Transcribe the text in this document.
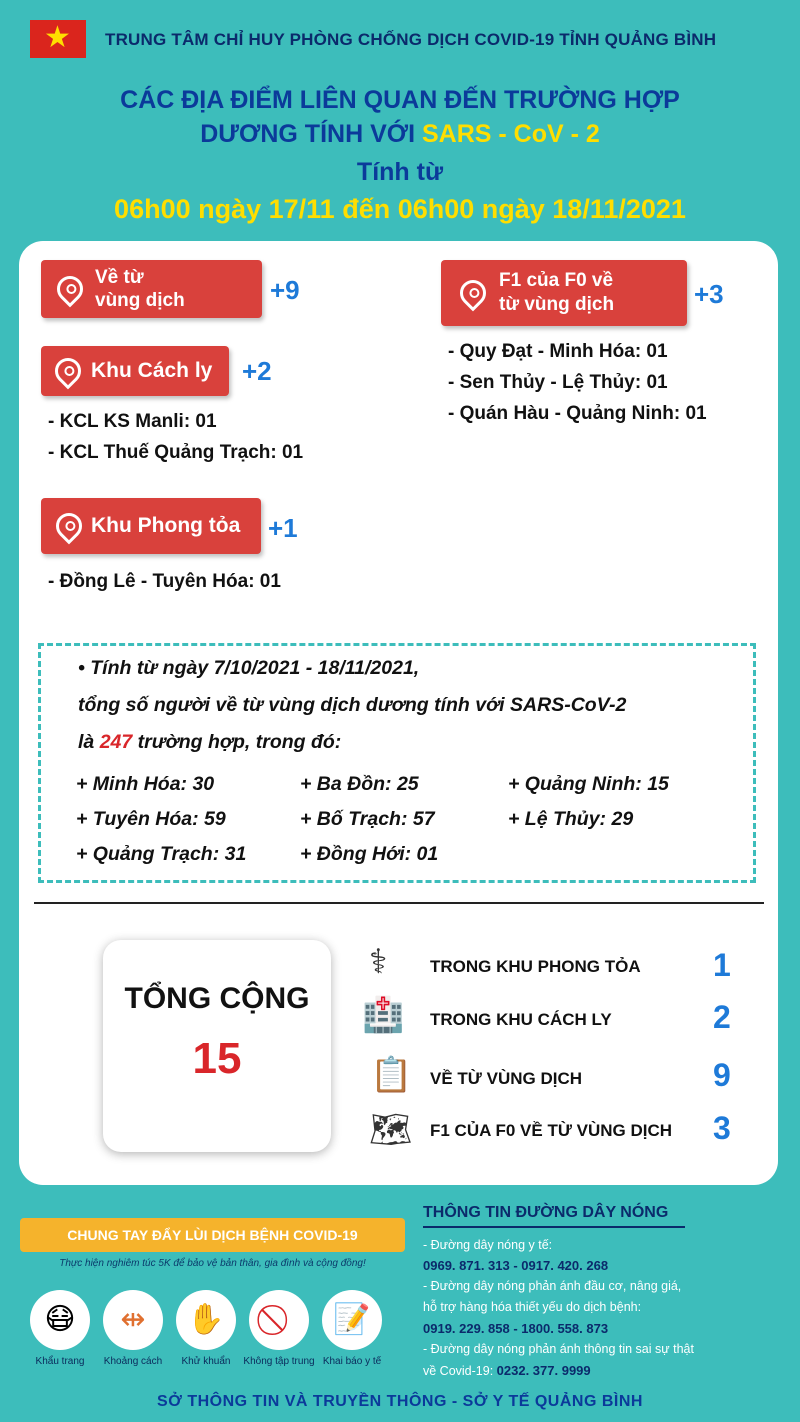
★ TRUNG TÂM CHỈ HUY PHÒNG CHỐNG DỊCH COVID-19 TỈNH QUẢNG BÌNH
CÁC ĐỊA ĐIỂM LIÊN QUAN ĐẾN TRƯỜNG HỢP
DƯƠNG TÍNH VỚI SARS - CoV - 2
Tính từ
06h00 ngày 17/11 đến 06h00 ngày 18/11/2021
Về từ
vùng dịch	+9	F1 của F0 về
từ vùng dịch	+3
- Quy Đạt - Minh Hóa: 01
- Sen Thủy - Lệ Thủy: 01
- Quán Hàu - Quảng Ninh: 01
Khu Cách ly +2
- KCL KS Manli: 01
- KCL Thuế Quảng Trạch: 01
Khu Phong tỏa +1
- Đồng Lê - Tuyên Hóa: 01
• Tính từ ngày 7/10/2021 - 18/11/2021,
tổng số người về từ vùng dịch dương tính với SARS-CoV-2
là 247 trường hợp, trong đó:
+ Minh Hóa: 30	+ Ba Đồn: 25	+ Quảng Ninh: 15
+ Tuyên Hóa: 59	+ Bố Trạch: 57	+ Lệ Thủy: 29
+ Quảng Trạch: 31	+ Đồng Hới: 01
TỔNG CỘNG
15
⚕	TRONG KHU PHONG TỎA 1
🏥 TRONG KHU CÁCH LY	2
📋 VỀ TỪ VÙNG DỊCH	9
🗺 F1 CỦA F0 VỀ TỪ VÙNG DỊCH 3
CHUNG TAY ĐẨY LÙI DỊCH BỆNH COVID-19
Thực hiện nghiêm túc 5K để bảo vệ bản thân, gia đình và cộng đồng!
😷	⇹	✋	📝
Khẩu trang	Khoảng cách	Khử khuẩn	Không tập trung Khai báo y tế
THÔNG TIN ĐƯỜNG DÂY NÓNG
- Đường dây nóng y tế:
0969. 871. 313 - 0917. 420. 268
- Đường dây nóng phản ánh đầu cơ, nâng giá,
hỗ trợ hàng hóa thiết yếu do dịch bệnh:
0919. 229. 858 - 1800. 558. 873
- Đường dây nóng phản ánh thông tin sai sự thật
về Covid-19: 0232. 377. 9999
SỞ THÔNG TIN VÀ TRUYỀN THÔNG - SỞ Y TẾ QUẢNG BÌNH
